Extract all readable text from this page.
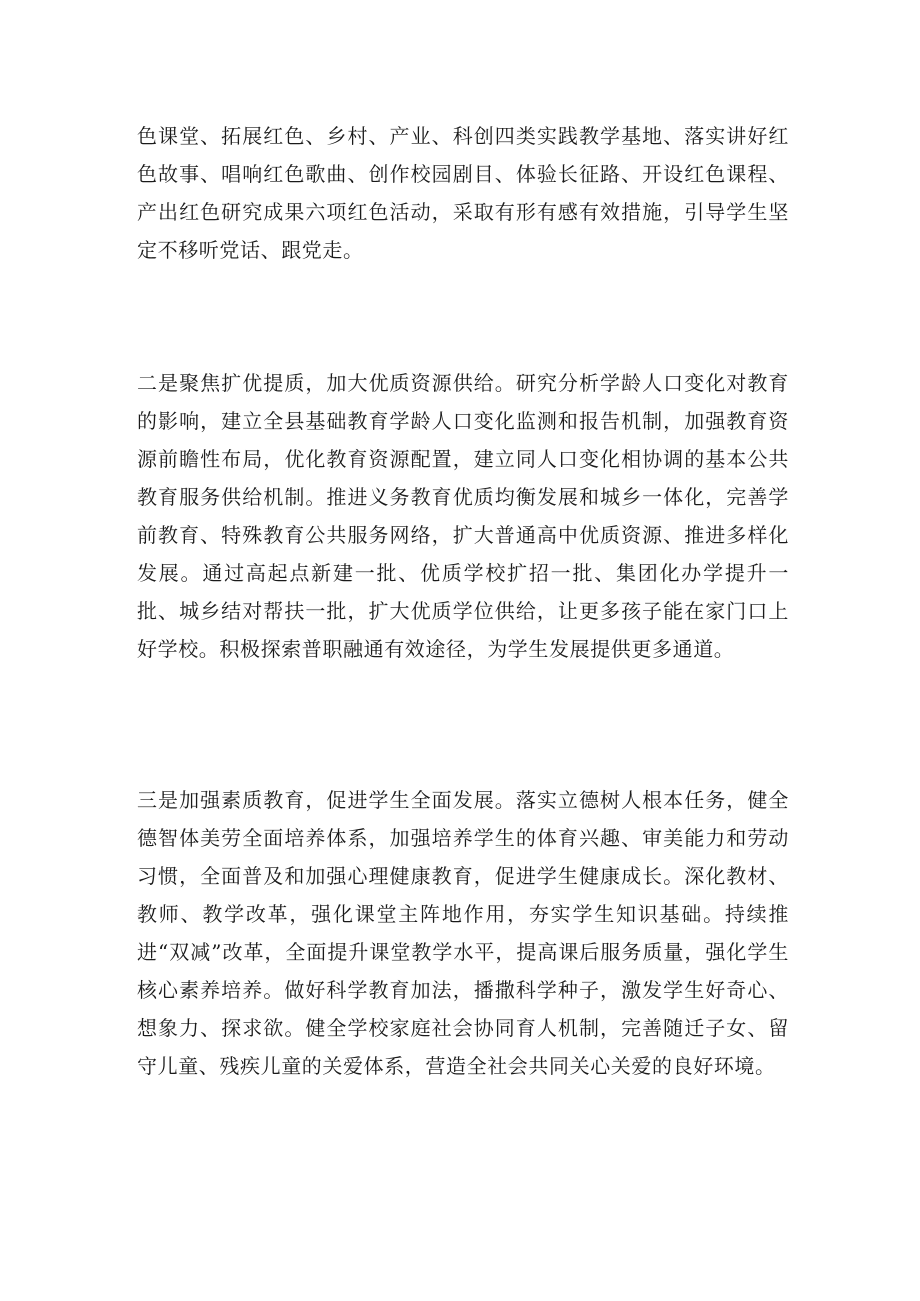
色课堂、拓展红色、乡村、产业、科创四类实践教学基地、落实讲好红色故事、唱响红色歌曲、创作校园剧目、体验长征路、开设红色课程、产出红色研究成果六项红色活动，采取有形有感有效措施，引导学生坚定不移听党话、跟党走。

二是聚焦扩优提质，加大优质资源供给。研究分析学龄人口变化对教育的影响，建立全县基础教育学龄人口变化监测和报告机制，加强教育资源前瞻性布局，优化教育资源配置，建立同人口变化相协调的基本公共教育服务供给机制。推进义务教育优质均衡发展和城乡一体化，完善学前教育、特殊教育公共服务网络，扩大普通高中优质资源、推进多样化发展。通过高起点新建一批、优质学校扩招一批、集团化办学提升一批、城乡结对帮扶一批，扩大优质学位供给，让更多孩子能在家门口上好学校。积极探索普职融通有效途径，为学生发展提供更多通道。

三是加强素质教育，促进学生全面发展。落实立德树人根本任务，健全德智体美劳全面培养体系，加强培养学生的体育兴趣、审美能力和劳动习惯，全面普及和加强心理健康教育，促进学生健康成长。深化教材、教师、教学改革，强化课堂主阵地作用，夯实学生知识基础。持续推进“双减”改革，全面提升课堂教学水平，提高课后服务质量，强化学生核心素养培养。做好科学教育加法，播撒科学种子，激发学生好奇心、想象力、探求欲。健全学校家庭社会协同育人机制，完善随迁子女、留守儿童、残疾儿童的关爱体系，营造全社会共同关心关爱的良好环境。
